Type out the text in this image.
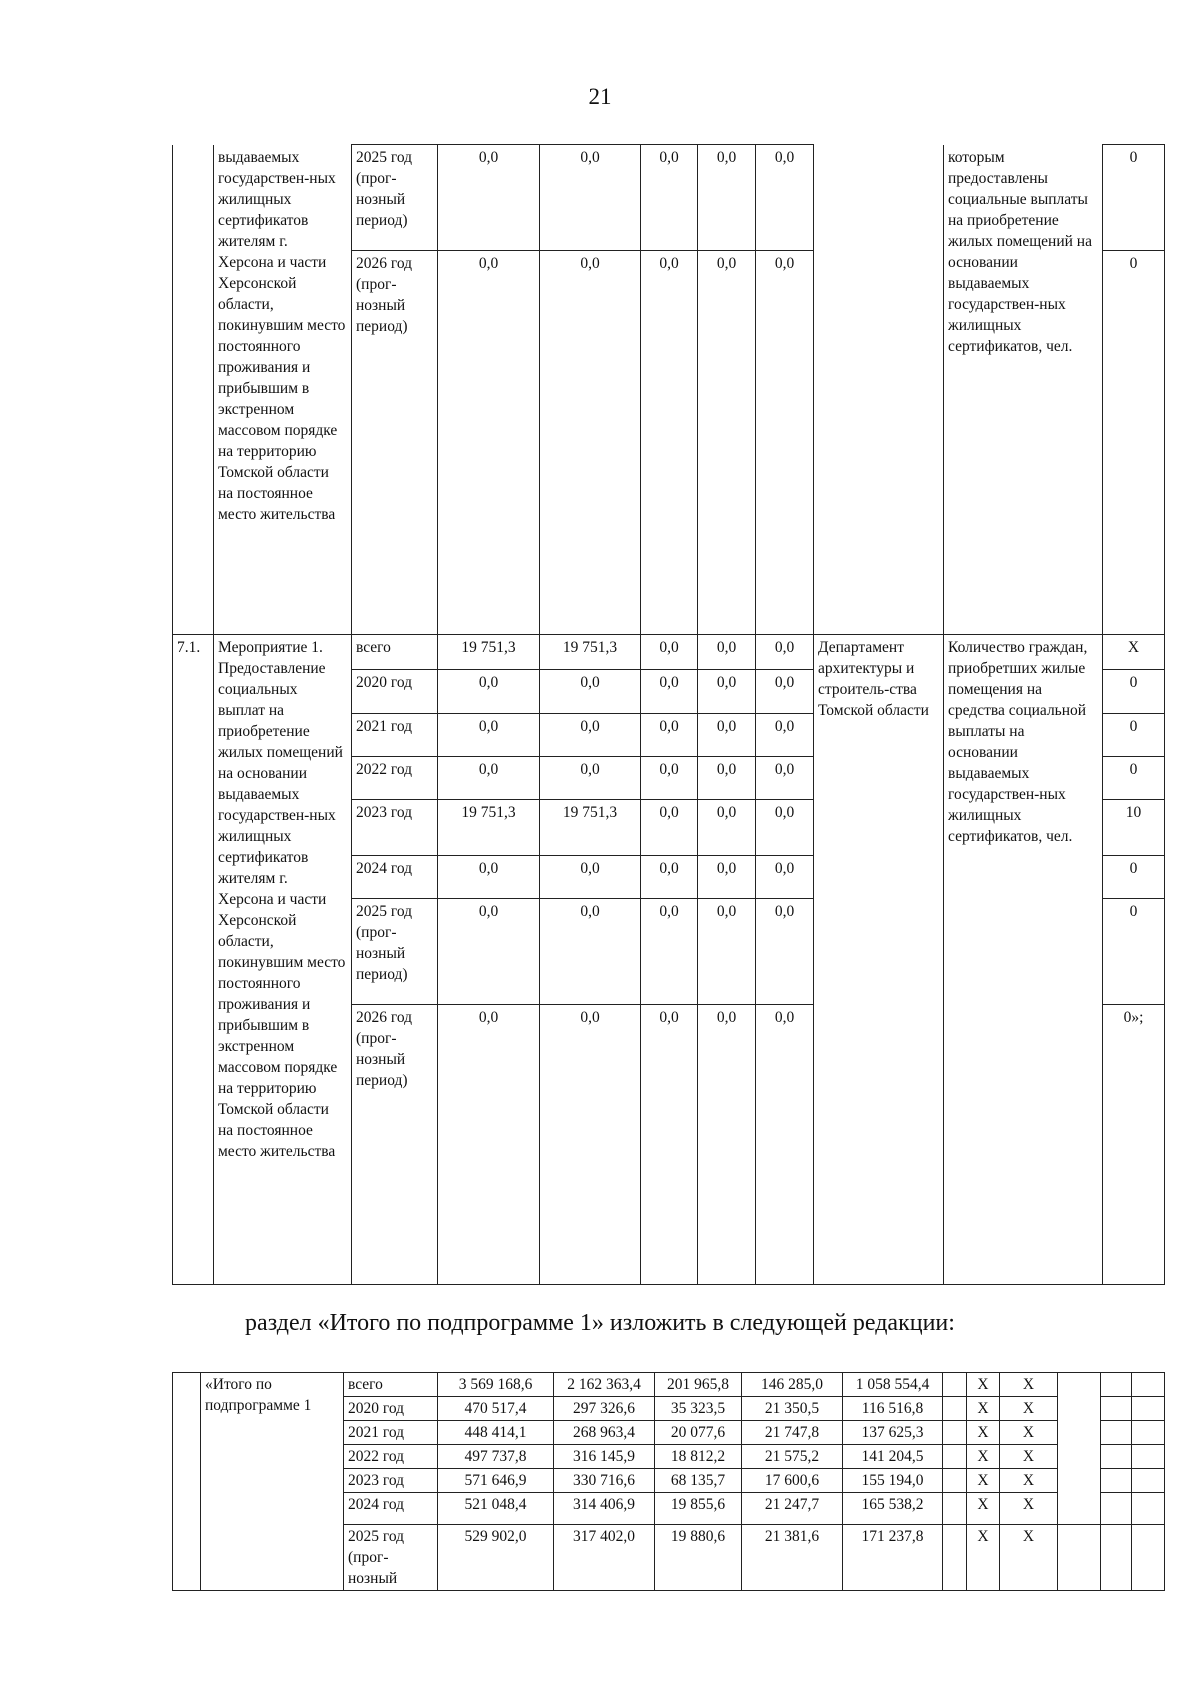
21
	выдаваемых государствен-ных жилищных сертификатов жителям г. Херсона и части Херсонской области, покинувшим место постоянного проживания и прибывшим в экстренном массовом порядке на территорию Томской области на постоянное место жительства	2025 год (прог-нозный период)	0,0	0,0	0,0	0,0	0,0		которым предоставлены социальные выплаты на приобретение жилых помещений на основании выдаваемых государствен-ных жилищных сертификатов, чел.	0
		2026 год (прог-нозный период)	0,0	0,0	0,0	0,0	0,0			0
7.1.	Мероприятие 1. Предоставление социальных выплат на приобретение жилых помещений на основании выдаваемых государствен-ных жилищных сертификатов жителям г. Херсона и части Херсонской области, покинувшим место постоянного проживания и прибывшим в экстренном массовом порядке на территорию Томской области на постоянное место жительства	всего	19 751,3	19 751,3	0,0	0,0	0,0	Департамент архитектуры и строитель-ства Томской области	Количество граждан, приобретших жилые помещения на средства социальной выплаты на основании выдаваемых государствен-ных жилищных сертификатов, чел.	Х
		2020 год	0,0	0,0	0,0	0,0	0,0			0
		2021 год	0,0	0,0	0,0	0,0	0,0			0
		2022 год	0,0	0,0	0,0	0,0	0,0			0
		2023 год	19 751,3	19 751,3	0,0	0,0	0,0			10
		2024 год	0,0	0,0	0,0	0,0	0,0			0
		2025 год (прог-нозный период)	0,0	0,0	0,0	0,0	0,0			0
		2026 год (прог-нозный период)	0,0	0,0	0,0	0,0	0,0			0»;
раздел «Итого по подпрограмме 1» изложить в следующей редакции:
	«Итого по подпрограмме 1	всего	3 569 168,6	2 162 363,4	201 965,8	146 285,0	1 058 554,4		Х	Х			
		2020 год	470 517,4	297 326,6	35 323,5	21 350,5	116 516,8		Х	Х			
		2021 год	448 414,1	268 963,4	20 077,6	21 747,8	137 625,3		Х	Х			
		2022 год	497 737,8	316 145,9	18 812,2	21 575,2	141 204,5		Х	Х			
		2023 год	571 646,9	330 716,6	68 135,7	17 600,6	155 194,0		Х	Х			
		2024 год	521 048,4	314 406,9	19 855,6	21 247,7	165 538,2		Х	Х			
		2025 год (прог-нозный	529 902,0	317 402,0	19 880,6	21 381,6	171 237,8		Х	Х			
